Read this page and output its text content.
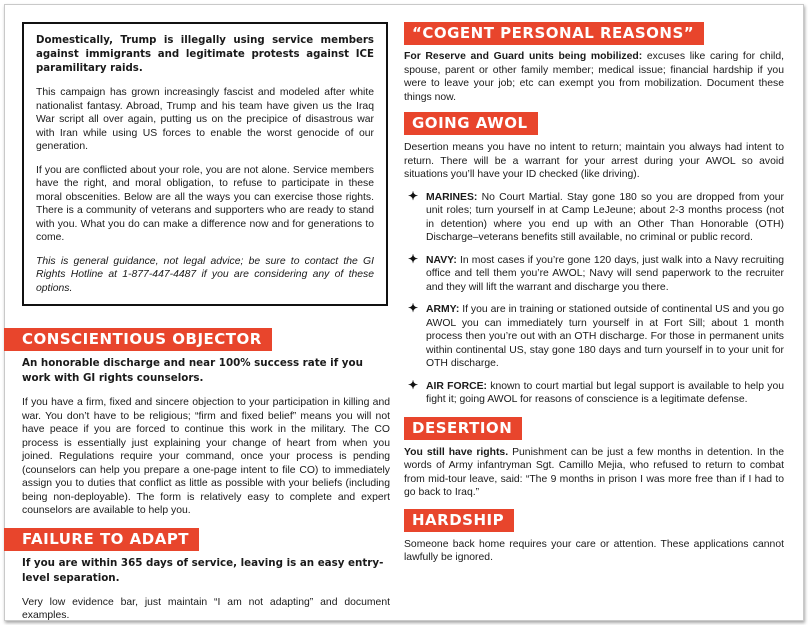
Domestically, Trump is illegally using service members against immigrants and legitimate protests against ICE paramilitary raids.

This campaign has grown increasingly fascist and modeled after white nationalist fantasy. Abroad, Trump and his team have given us the Iraq War script all over again, putting us on the precipice of disastrous war with Iran while using US forces to enable the worst genocide of our generation.

If you are conflicted about your role, you are not alone. Service members have the right, and moral obligation, to refuse to participate in these moral obscenities. Below are all the ways you can exercise those rights. There is a community of veterans and supporters who are ready to stand with you. What you do can make a difference now and for generations to come.

This is general guidance, not legal advice; be sure to contact the GI Rights Hotline at 1-877-447-4487 if you are considering any of these options.

CONSCIENTIOUS OBJECTOR

An honorable discharge and near 100% success rate if you work with GI rights counselors.

If you have a firm, fixed and sincere objection to your participation in killing and war. You don’t have to be religious; “firm and fixed belief” means you will not have peace if you are forced to continue this work in the military. The CO process is essentially just explaining your change of heart from when you joined. Regulations require your command, once your process is pending (counselors can help you prepare a one-page intent to file CO) to immediately assign you to duties that conflict as little as possible with your beliefs (including being non-deployable). The form is relatively easy to complete and expert counselors are available to help you.

FAILURE TO ADAPT

If you are within 365 days of service, leaving is an easy entry-level separation.

Very low evidence bar, just maintain “I am not adapting” and document examples.

“COGENT PERSONAL REASONS”

For Reserve and Guard units being mobilized: excuses like caring for child, spouse, parent or other family member; medical issue; financial hardship if you were to leave your job; etc can exempt you from mobilization. Document these things now.

GOING AWOL

Desertion means you have no intent to return; maintain you always had intent to return. There will be a warrant for your arrest during your AWOL so avoid situations you’ll have your ID checked (like driving).

✦ MARINES: No Court Martial. Stay gone 180 so you are dropped from your unit roles; turn yourself in at Camp LeJeune; about 2-3 months process (not in detention) where you end up with an Other Than Honorable (OTH) Discharge–veterans benefits still available, no criminal or public record.
✦ NAVY: In most cases if you’re gone 120 days, just walk into a Navy recruiting office and tell them you’re AWOL; Navy will send paperwork to the recruiter and they will lift the warrant and discharge you there.
✦ ARMY: If you are in training or stationed outside of continental US and you go AWOL you can immediately turn yourself in at Fort Sill; about 1 month process then you’re out with an OTH discharge. For those in permanent units within continental US, stay gone 180 days and turn yourself in to your unit for OTH discharge.
✦ AIR FORCE: known to court martial but legal support is available to help you fight it; going AWOL for reasons of conscience is a legitimate defense.
DESERTION

You still have rights. Punishment can be just a few months in detention. In the words of Army infantryman Sgt. Camillo Mejia, who refused to return to combat from mid-tour leave, said: “The 9 months in prison I was more free than if I had to go back to Iraq.”

HARDSHIP

Someone back home requires your care or attention. These applications cannot lawfully be ignored.
